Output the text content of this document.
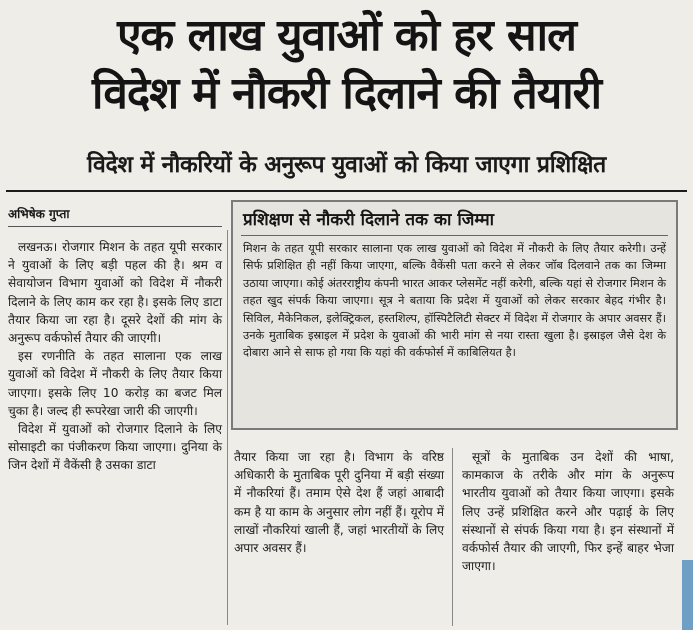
एक लाख युवाओं को हर साल
विदेश में नौकरी दिलाने की तैयारी
विदेश में नौकरियों के अनुरूप युवाओं को किया जाएगा प्रशिक्षित
अभिषेक गुप्ता

लखनऊ। रोजगार मिशन के तहत यूपी सरकार ने युवाओं के लिए बड़ी पहल की है। श्रम व सेवायोजन विभाग युवाओं को विदेश में नौकरी दिलाने के लिए काम कर रहा है। इसके लिए डाटा तैयार किया जा रहा है। दूसरे देशों की मांग के अनुरूप वर्कफोर्स तैयार की जाएगी।

इस रणनीति के तहत सालाना एक लाख युवाओं को विदेश में नौकरी के लिए तैयार किया जाएगा। इसके लिए 10 करोड़ का बजट मिल चुका है। जल्द ही रूपरेखा जारी की जाएगी।

विदेश में युवाओं को रोजगार दिलाने के लिए सोसाइटी का पंजीकरण किया जाएगा। दुनिया के जिन देशों में वैकेंसी है उसका डाटा

प्रशिक्षण से नौकरी दिलाने तक का जिम्मा
मिशन के तहत यूपी सरकार सालाना एक लाख युवाओं को विदेश में नौकरी के लिए तैयार करेगी। उन्हें सिर्फ प्रशिक्षित ही नहीं किया जाएगा, बल्कि वैकेंसी पता करने से लेकर जॉब दिलवाने तक का जिम्मा उठाया जाएगा। कोई अंतरराष्ट्रीय कंपनी भारत आकर प्लेसमेंट नहीं करेगी, बल्कि यहां से रोजगार मिशन के तहत खुद संपर्क किया जाएगा। सूत्र ने बताया कि प्रदेश में युवाओं को लेकर सरकार बेहद गंभीर है। सिविल, मैकेनिकल, इलेक्ट्रिकल, हस्तशिल्प, हॉस्पिटैलिटी सेक्टर में विदेश में रोजगार के अपार अवसर हैं। उनके मुताबिक इस्राइल में प्रदेश के युवाओं की भारी मांग से नया रास्ता खुला है। इस्राइल जैसे देश के दोबारा आने से साफ हो गया कि यहां की वर्कफोर्स में काबिलियत है।

तैयार किया जा रहा है। विभाग के वरिष्ठ अधिकारी के मुताबिक पूरी दुनिया में बड़ी संख्या में नौकरियां हैं। तमाम ऐसे देश हैं जहां आबादी कम है या काम के अनुसार लोग नहीं हैं। यूरोप में लाखों नौकरियां खाली हैं, जहां भारतीयों के लिए अपार अवसर हैं।

सूत्रों के मुताबिक उन देशों की भाषा, कामकाज के तरीके और मांग के अनुरूप भारतीय युवाओं को तैयार किया जाएगा। इसके लिए उन्हें प्रशिक्षित करने और पढ़ाई के लिए संस्थानों से संपर्क किया गया है। इन संस्थानों में वर्कफोर्स तैयार की जाएगी, फिर इन्हें बाहर भेजा जाएगा।
